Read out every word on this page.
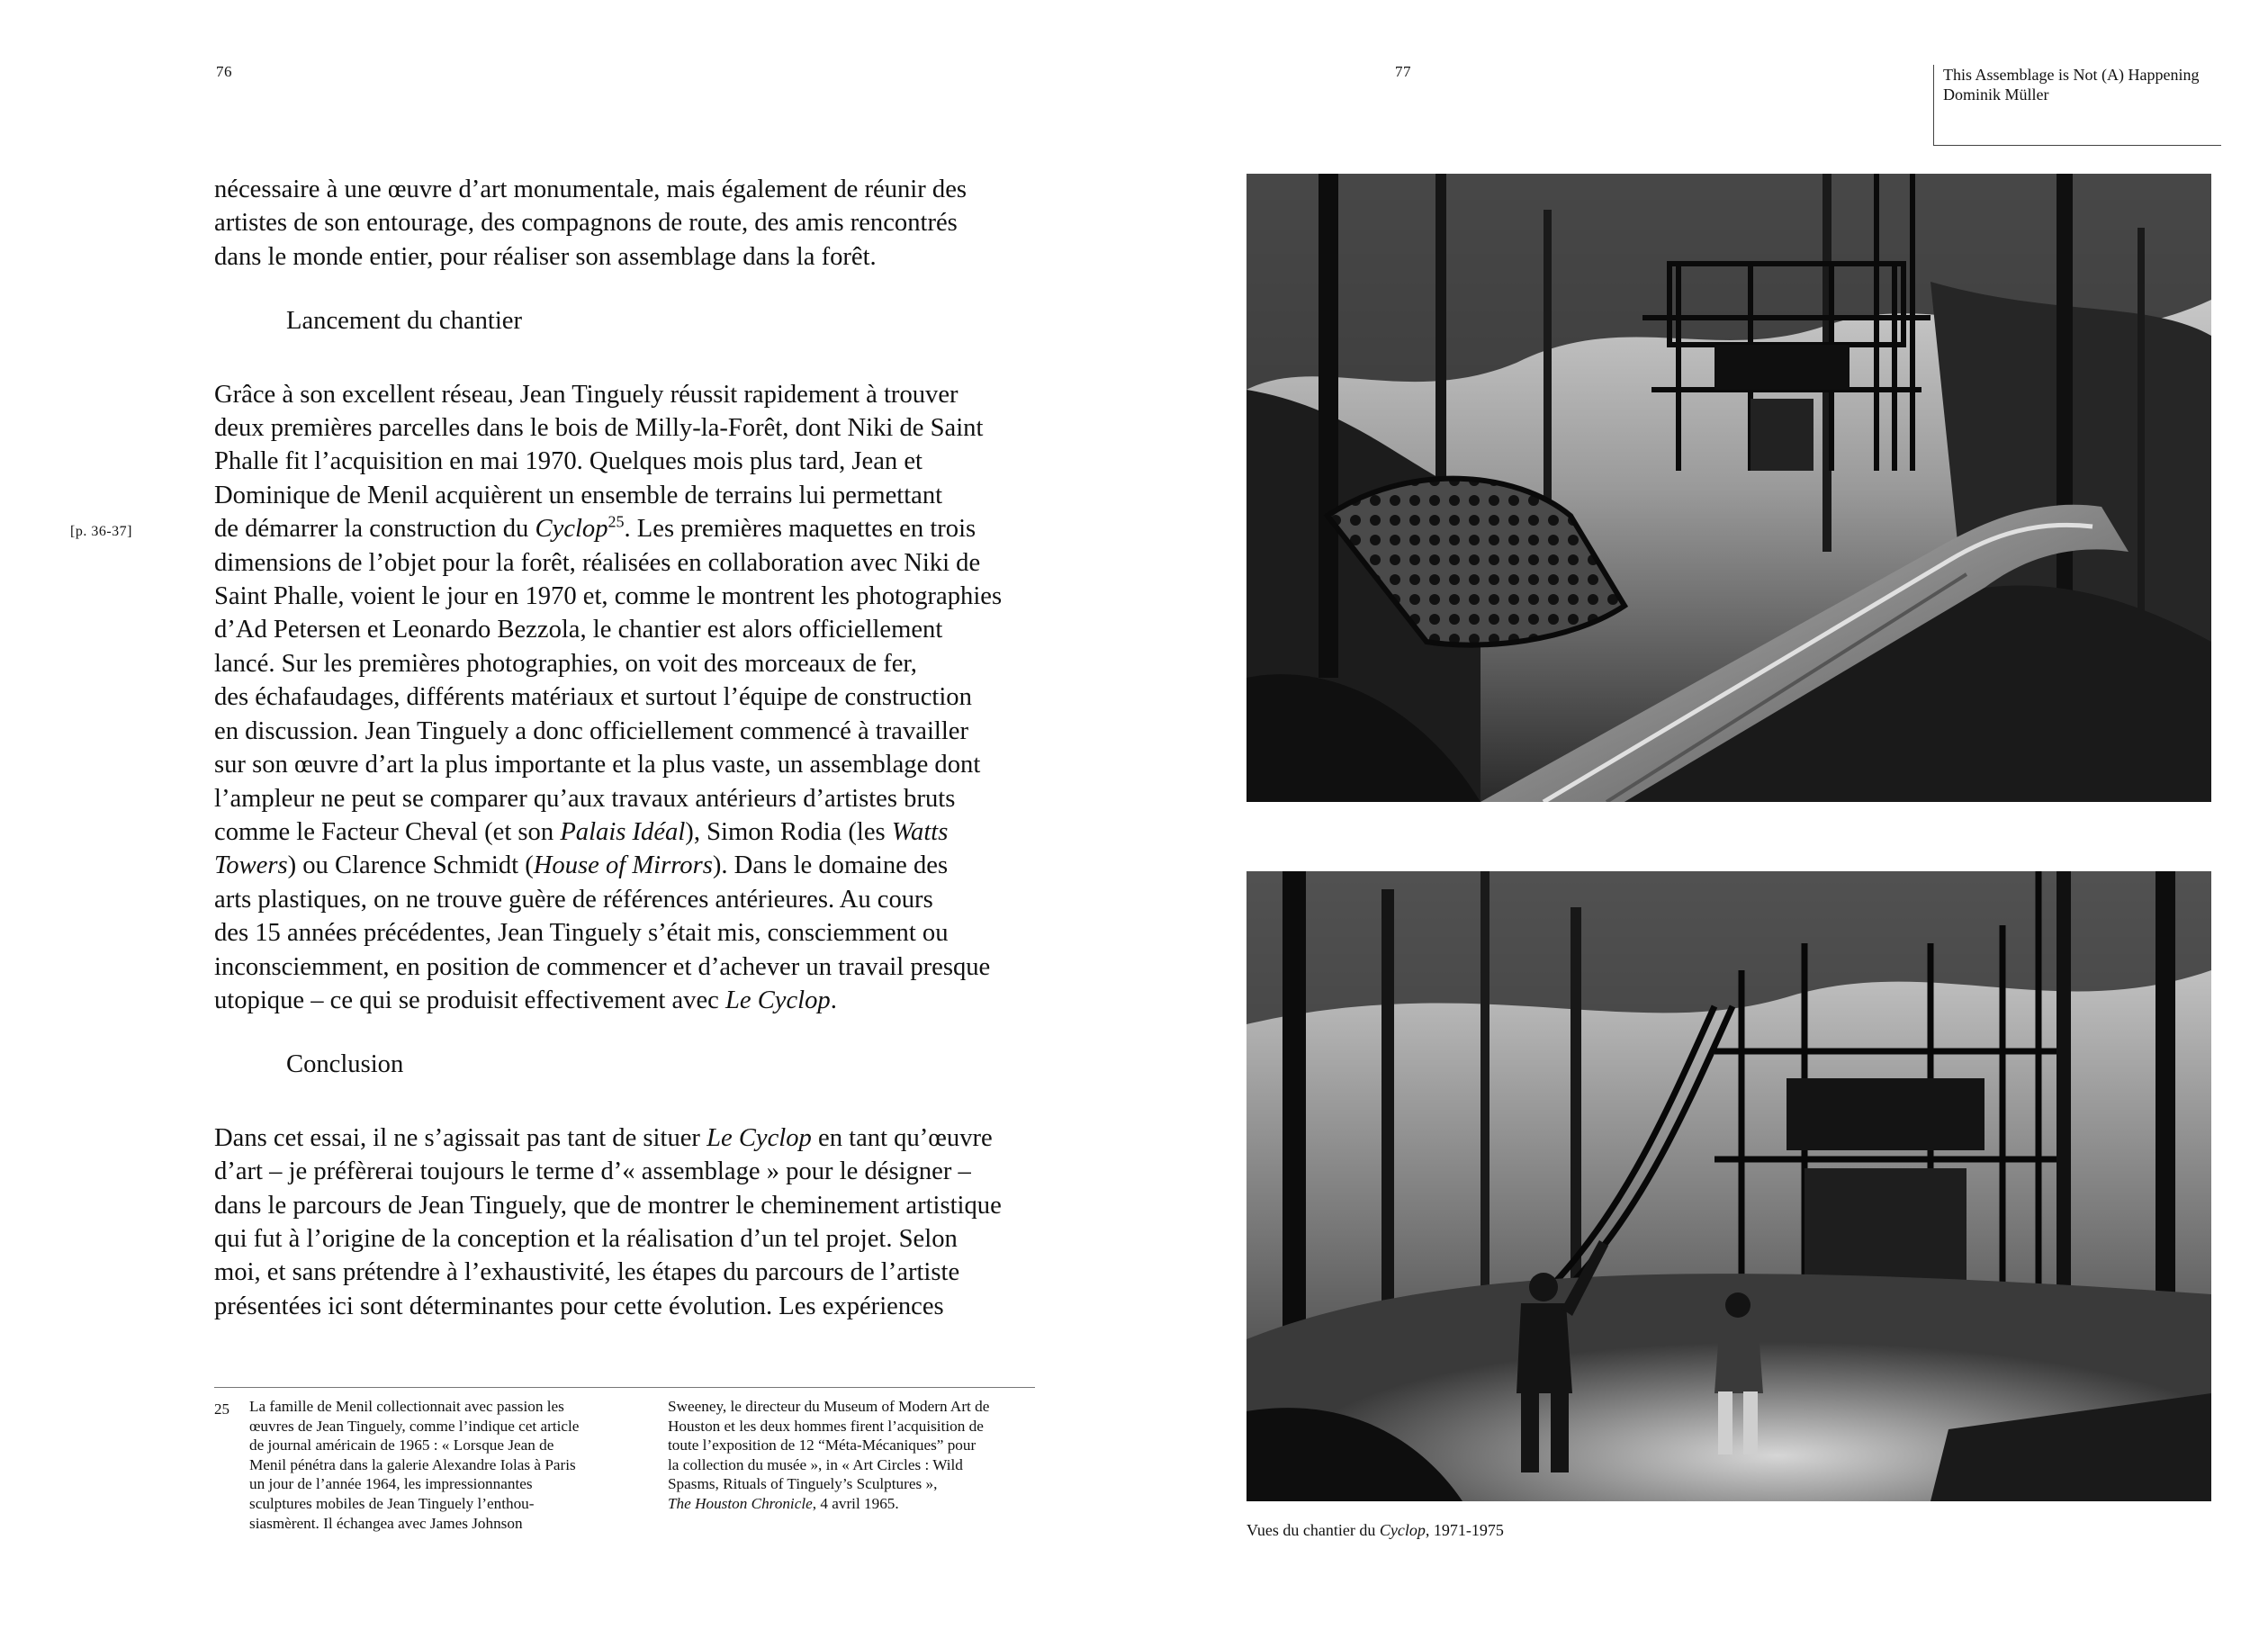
76
[p. 36-37]

nécessaire à une œuvre d’art monumentale, mais également de réunir des
artistes de son entourage, des compagnons de route, des amis rencontrés
dans le monde entier, pour réaliser son assemblage dans la forêt.

Lancement du chantier

Grâce à son excellent réseau, Jean Tinguely réussit rapidement à trouver
deux premières parcelles dans le bois de Milly-la-Forêt, dont Niki de Saint
Phalle fit l’acquisition en mai 1970. Quelques mois plus tard, Jean et
Dominique de Menil acquièrent un ensemble de terrains lui permettant
de démarrer la construction du Cyclop$^{25}$. Les premières maquettes en trois
dimensions de l’objet pour la forêt, réalisées en collaboration avec Niki de
Saint Phalle, voient le jour en 1970 et, comme le montrent les photographies
d’Ad Petersen et Leonardo Bezzola, le chantier est alors officiellement
lancé. Sur les premières photographies, on voit des morceaux de fer,
des échafaudages, différents matériaux et surtout l’équipe de construction
en discussion. Jean Tinguely a donc officiellement commencé à travailler
sur son œuvre d’art la plus importante et la plus vaste, un assemblage dont
l’ampleur ne peut se comparer qu’aux travaux antérieurs d’artistes bruts
comme le Facteur Cheval (et son Palais Idéal), Simon Rodia (les Watts
Towers) ou Clarence Schmidt (House of Mirrors). Dans le domaine des
arts plastiques, on ne trouve guère de références antérieures. Au cours
des 15 années précédentes, Jean Tinguely s’était mis, consciemment ou
inconsciemment, en position de commencer et d’achever un travail presque
utopique – ce qui se produisit effectivement avec Le Cyclop.

Conclusion

Dans cet essai, il ne s’agissait pas tant de situer Le Cyclop en tant qu’œuvre
d’art – je préfèrerai toujours le terme d’« assemblage » pour le désigner –
dans le parcours de Jean Tinguely, que de montrer le cheminement artistique
qui fut à l’origine de la conception et la réalisation d’un tel projet. Selon
moi, et sans prétendre à l’exhaustivité, les étapes du parcours de l’artiste
présentées ici sont déterminantes pour cette évolution. Les expériences

25 La famille de Menil collectionnait avec passion les
œuvres de Jean Tinguely, comme l’indique cet article
de journal américain de 1965 : « Lorsque Jean de
Menil pénétra dans la galerie Alexandre Iolas à Paris
un jour de l’année 1964, les impressionnantes
sculptures mobiles de Jean Tinguely l’enthou-
siasmèrent. Il échangea avec James Johnson

Sweeney, le directeur du Museum of Modern Art de
Houston et les deux hommes firent l’acquisition de
toute l’exposition de 12 “Méta-Mécaniques” pour
la collection du musée », in « Art Circles : Wild
Spasms, Rituals of Tinguely’s Sculptures »,
The Houston Chronicle, 4 avril 1965.

77	This Assemblage is Not (A) Happening
Dominik Müller
Vues du chantier du Cyclop, 1971-1975
